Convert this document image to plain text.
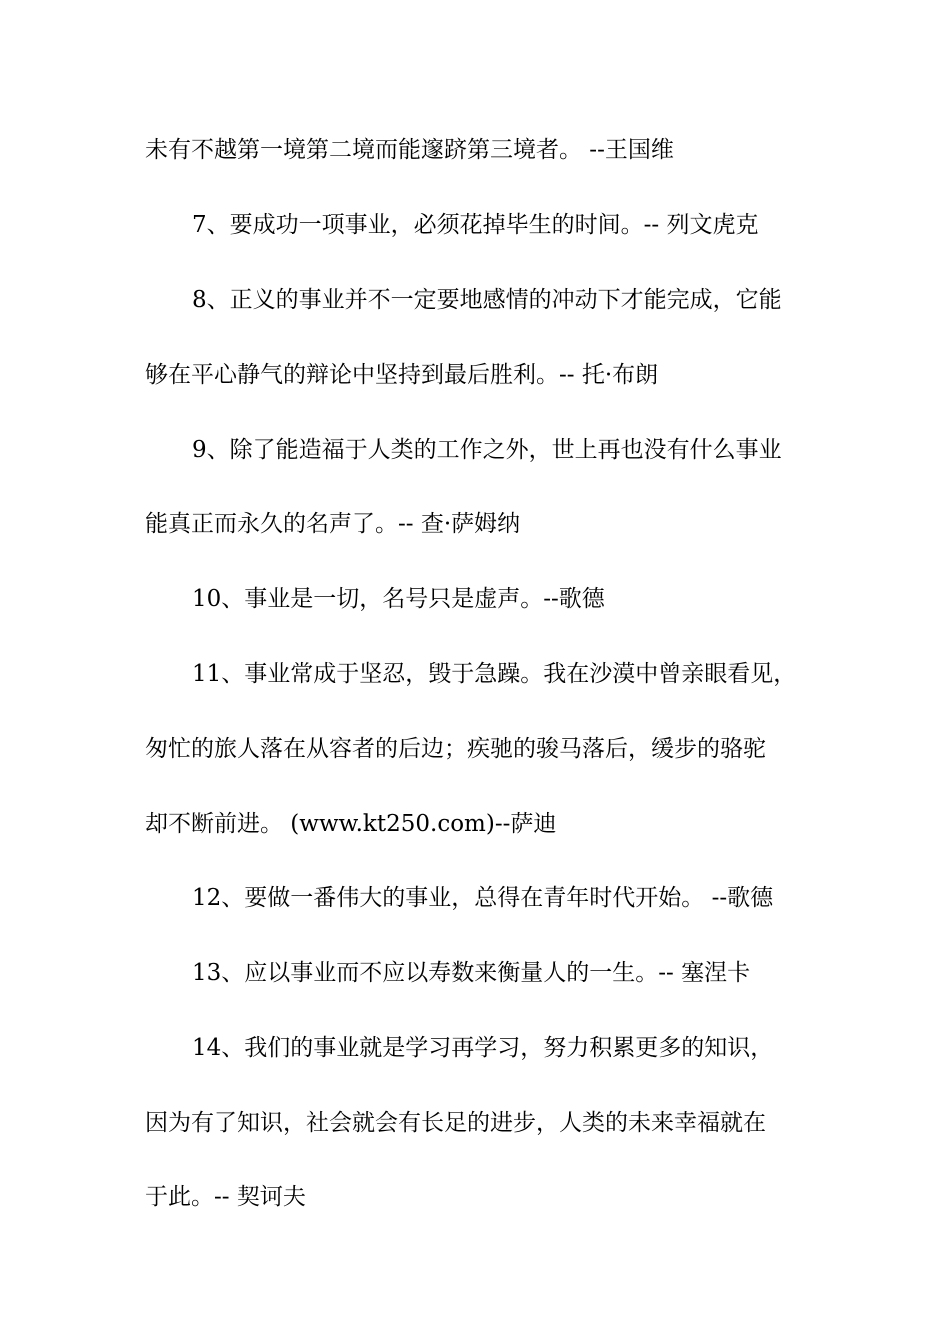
未有不越第一境第二境而能邃跻第三境者。 --王国维
7、要成功一项事业，必须花掉毕生的时间。-- 列文虎克
8、正义的事业并不一定要地感情的冲动下才能完成，它能
够在平心静气的辩论中坚持到最后胜利。-- 托·布朗
9、除了能造福于人类的工作之外，世上再也没有什么事业
能真正而永久的名声了。-- 查·萨姆纳
10、事业是一切，名号只是虚声。--歌德
11、事业常成于坚忍，毁于急躁。我在沙漠中曾亲眼看见，
匆忙的旅人落在从容者的后边；疾驰的骏马落后，缓步的骆驼
却不断前进。 (www.kt250.com)--萨迪
12、要做一番伟大的事业，总得在青年时代开始。 --歌德
13、应以事业而不应以寿数来衡量人的一生。-- 塞涅卡
14、我们的事业就是学习再学习，努力积累更多的知识，
因为有了知识，社会就会有长足的进步，人类的未来幸福就在
于此。-- 契诃夫
